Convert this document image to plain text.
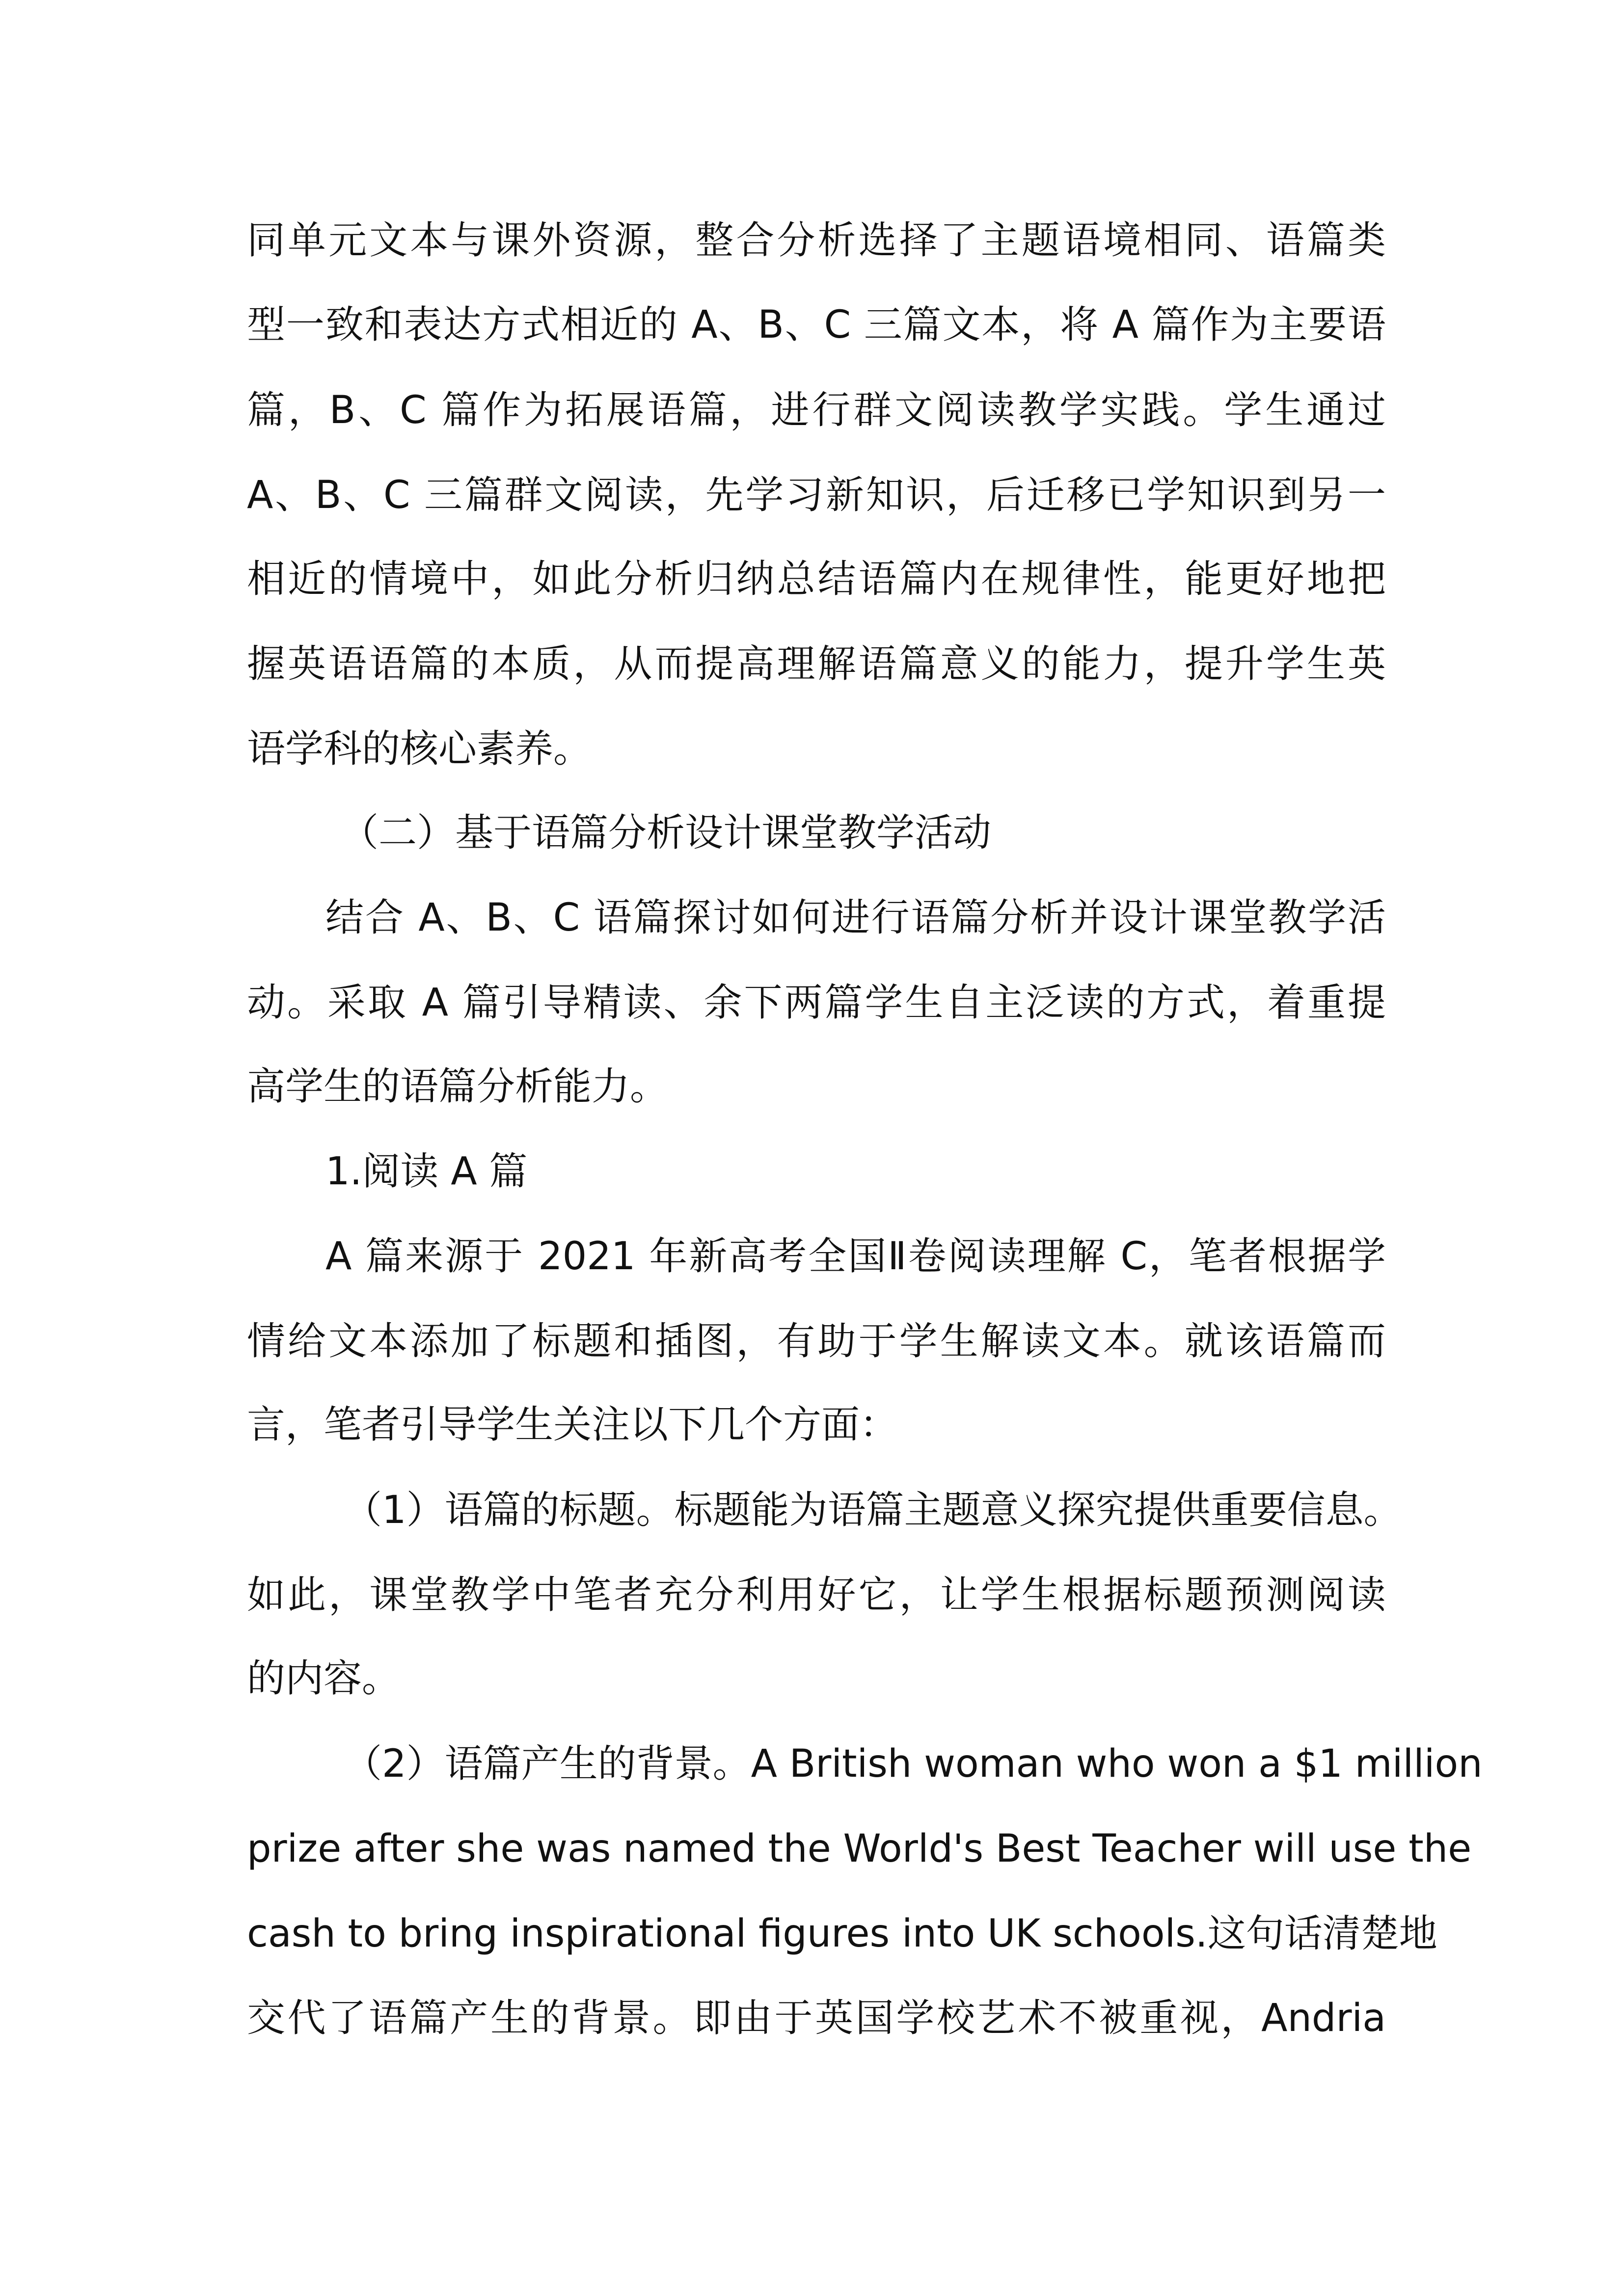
同单元文本与课外资源，整合分析选择了主题语境相同、语篇类
型一致和表达方式相近的 A、B、C 三篇文本，将 A 篇作为主要语
篇，B、C 篇作为拓展语篇，进行群文阅读教学实践。学生通过
A、B、C 三篇群文阅读，先学习新知识，后迁移已学知识到另一
相近的情境中，如此分析归纳总结语篇内在规律性，能更好地把
握英语语篇的本质，从而提高理解语篇意义的能力，提升学生英
语学科的核心素养。
（二）基于语篇分析设计课堂教学活动
结合 A、B、C 语篇探讨如何进行语篇分析并设计课堂教学活
动。采取 A 篇引导精读、余下两篇学生自主泛读的方式，着重提
高学生的语篇分析能力。
1.阅读 A 篇
A 篇来源于 2021 年新高考全国Ⅱ卷阅读理解 C，笔者根据学
情给文本添加了标题和插图，有助于学生解读文本。就该语篇而
言，笔者引导学生关注以下几个方面：
（1）语篇的标题。标题能为语篇主题意义探究提供重要信息。
如此，课堂教学中笔者充分利用好它，让学生根据标题预测阅读
的内容。
（2）语篇产生的背景。A British woman who won a $1 million
prize after she was named the World's Best Teacher will use the
cash to bring inspirational figures into UK schools.这句话清楚地
交代了语篇产生的背景。即由于英国学校艺术不被重视，Andria
